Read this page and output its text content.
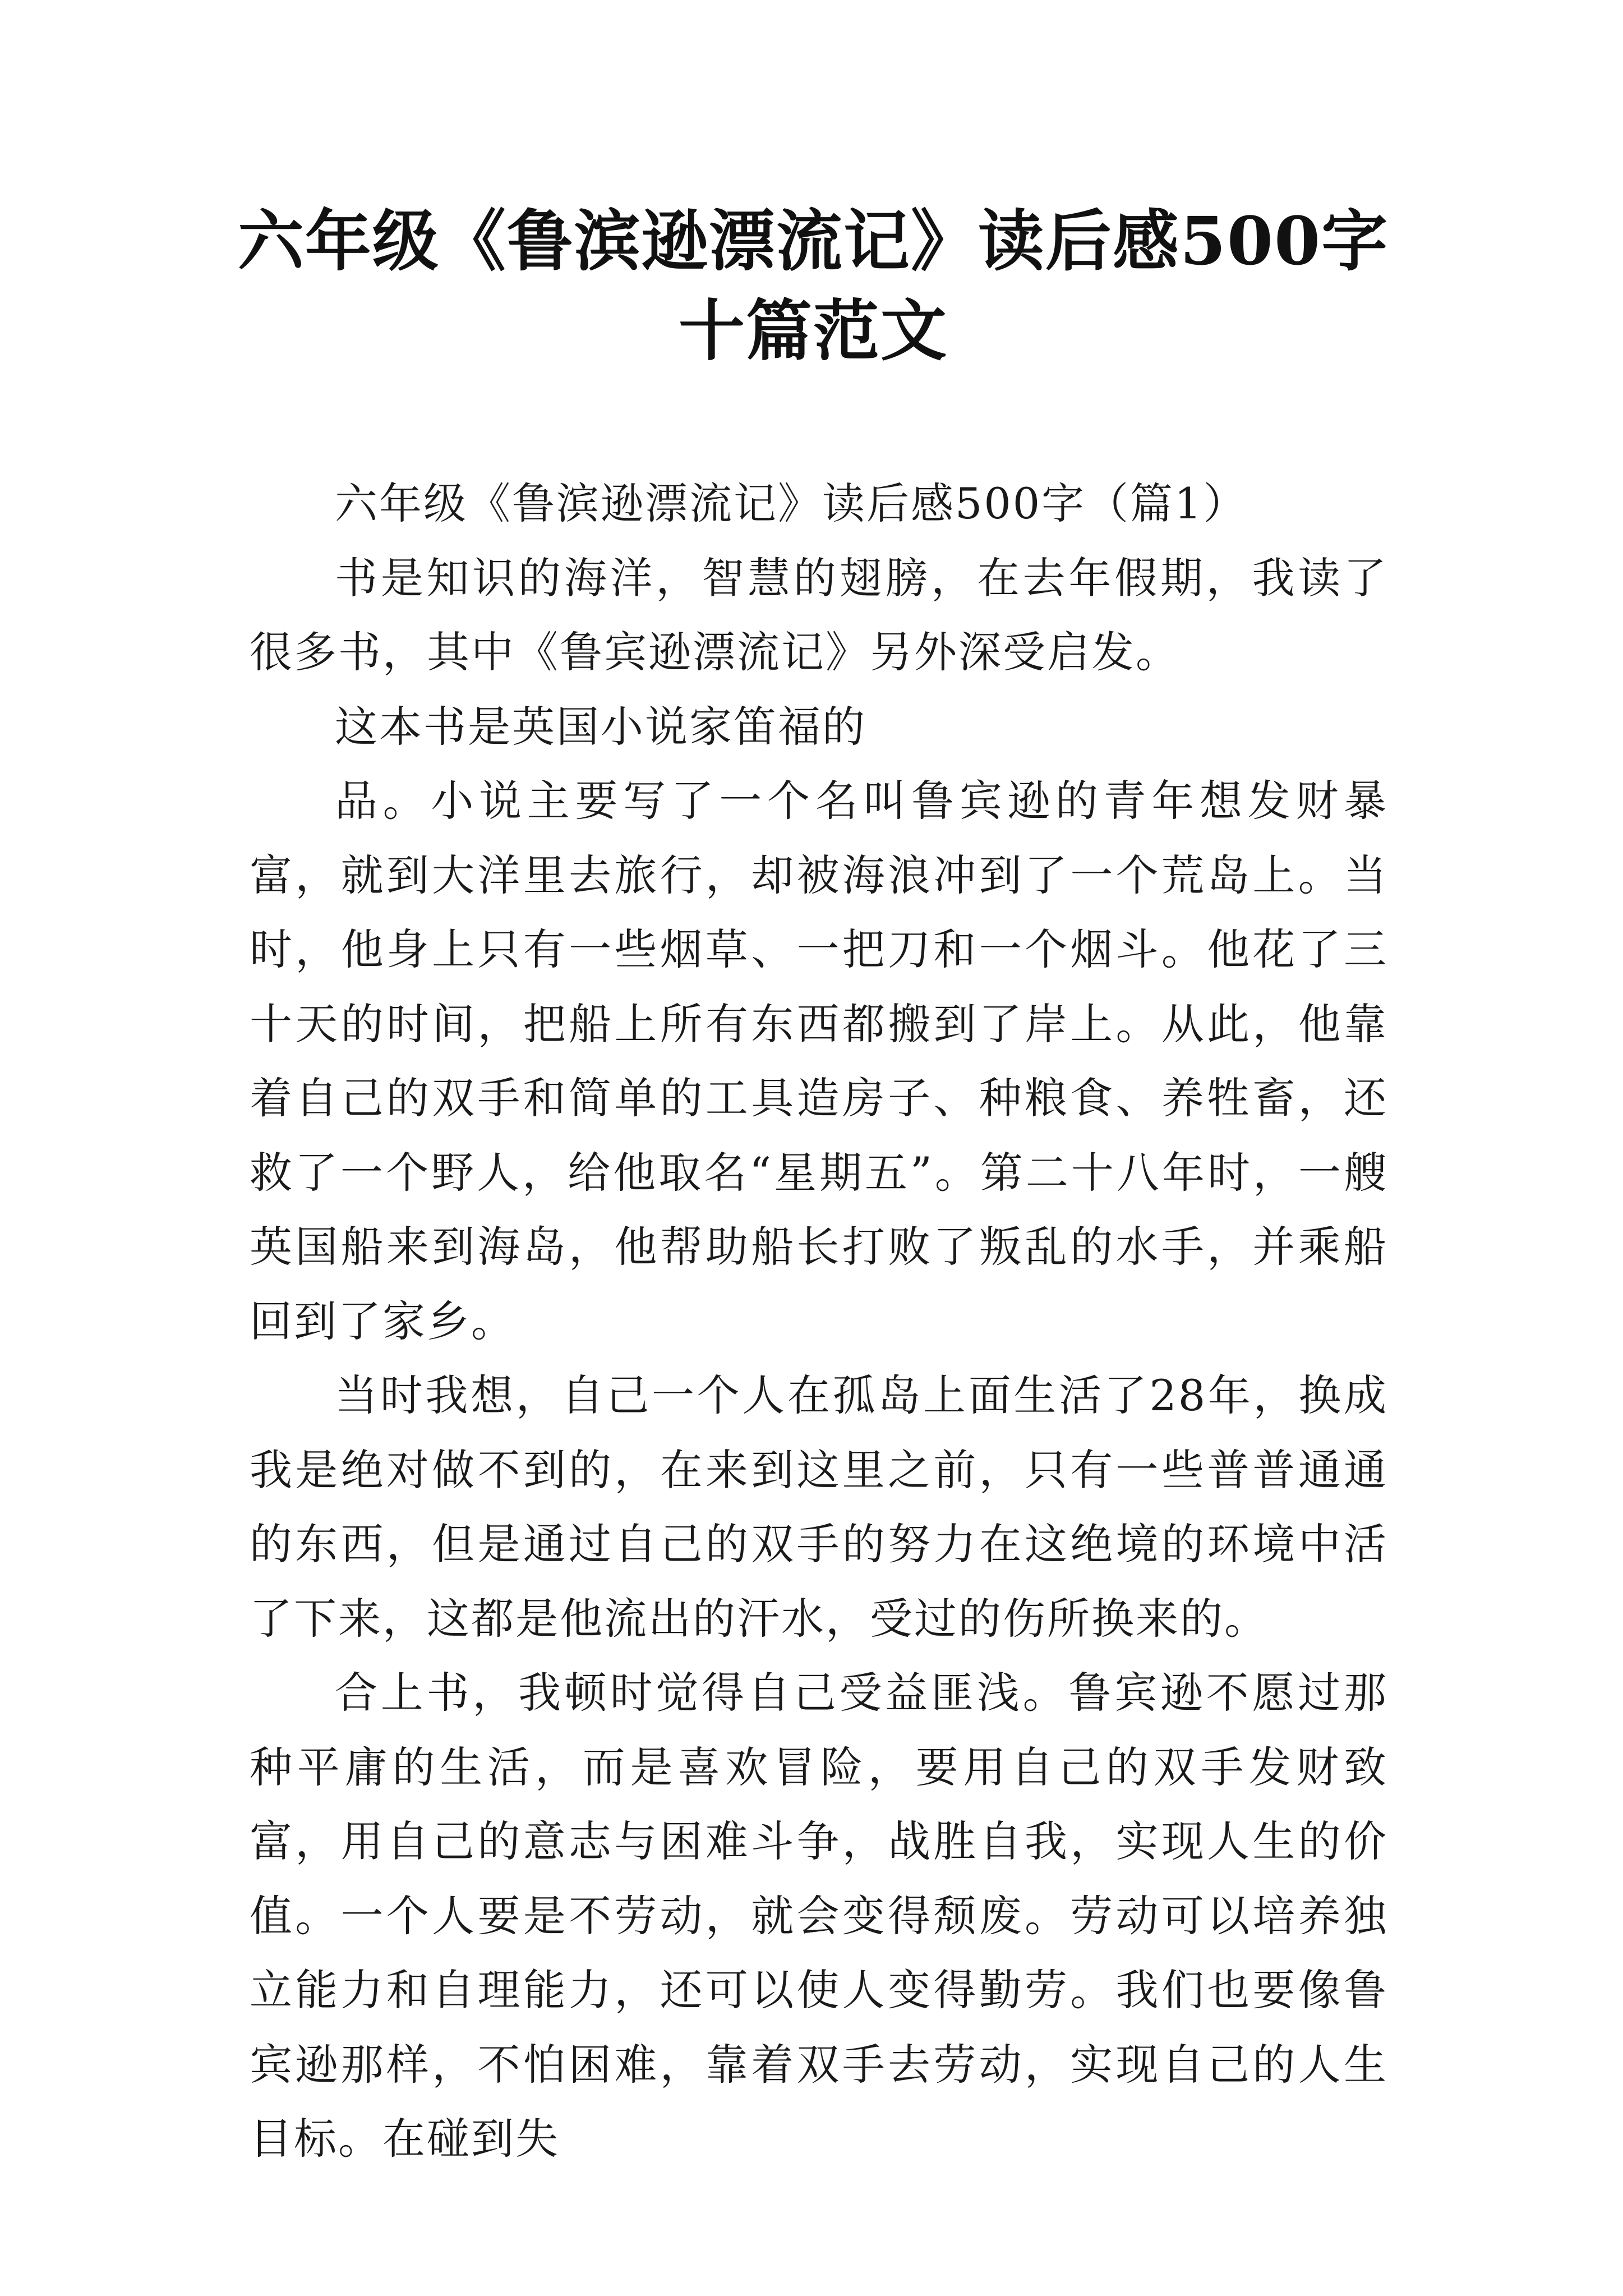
六年级《鲁滨逊漂流记》读后感500字十篇范文

六年级《鲁滨逊漂流记》读后感500字（篇1）

书是知识的海洋，智慧的翅膀，在去年假期，我读了很多书，其中《鲁宾逊漂流记》另外深受启发。

这本书是英国小说家笛福的

品。小说主要写了一个名叫鲁宾逊的青年想发财暴富，就到大洋里去旅行，却被海浪冲到了一个荒岛上。当时，他身上只有一些烟草、一把刀和一个烟斗。他花了三十天的时间，把船上所有东西都搬到了岸上。从此，他靠着自己的双手和简单的工具造房子、种粮食、养牲畜，还救了一个野人，给他取名“星期五”。第二十八年时，一艘英国船来到海岛，他帮助船长打败了叛乱的水手，并乘船回到了家乡。

当时我想，自己一个人在孤岛上面生活了28年，换成我是绝对做不到的，在来到这里之前，只有一些普普通通的东西，但是通过自己的双手的努力在这绝境的环境中活了下来，这都是他流出的汗水，受过的伤所换来的。

合上书，我顿时觉得自己受益匪浅。鲁宾逊不愿过那种平庸的生活，而是喜欢冒险，要用自己的双手发财致富，用自己的意志与困难斗争，战胜自我，实现人生的价值。一个人要是不劳动，就会变得颓废。劳动可以培养独立能力和自理能力，还可以使人变得勤劳。我们也要像鲁宾逊那样，不怕困难，靠着双手去劳动，实现自己的人生目标。在碰到失
